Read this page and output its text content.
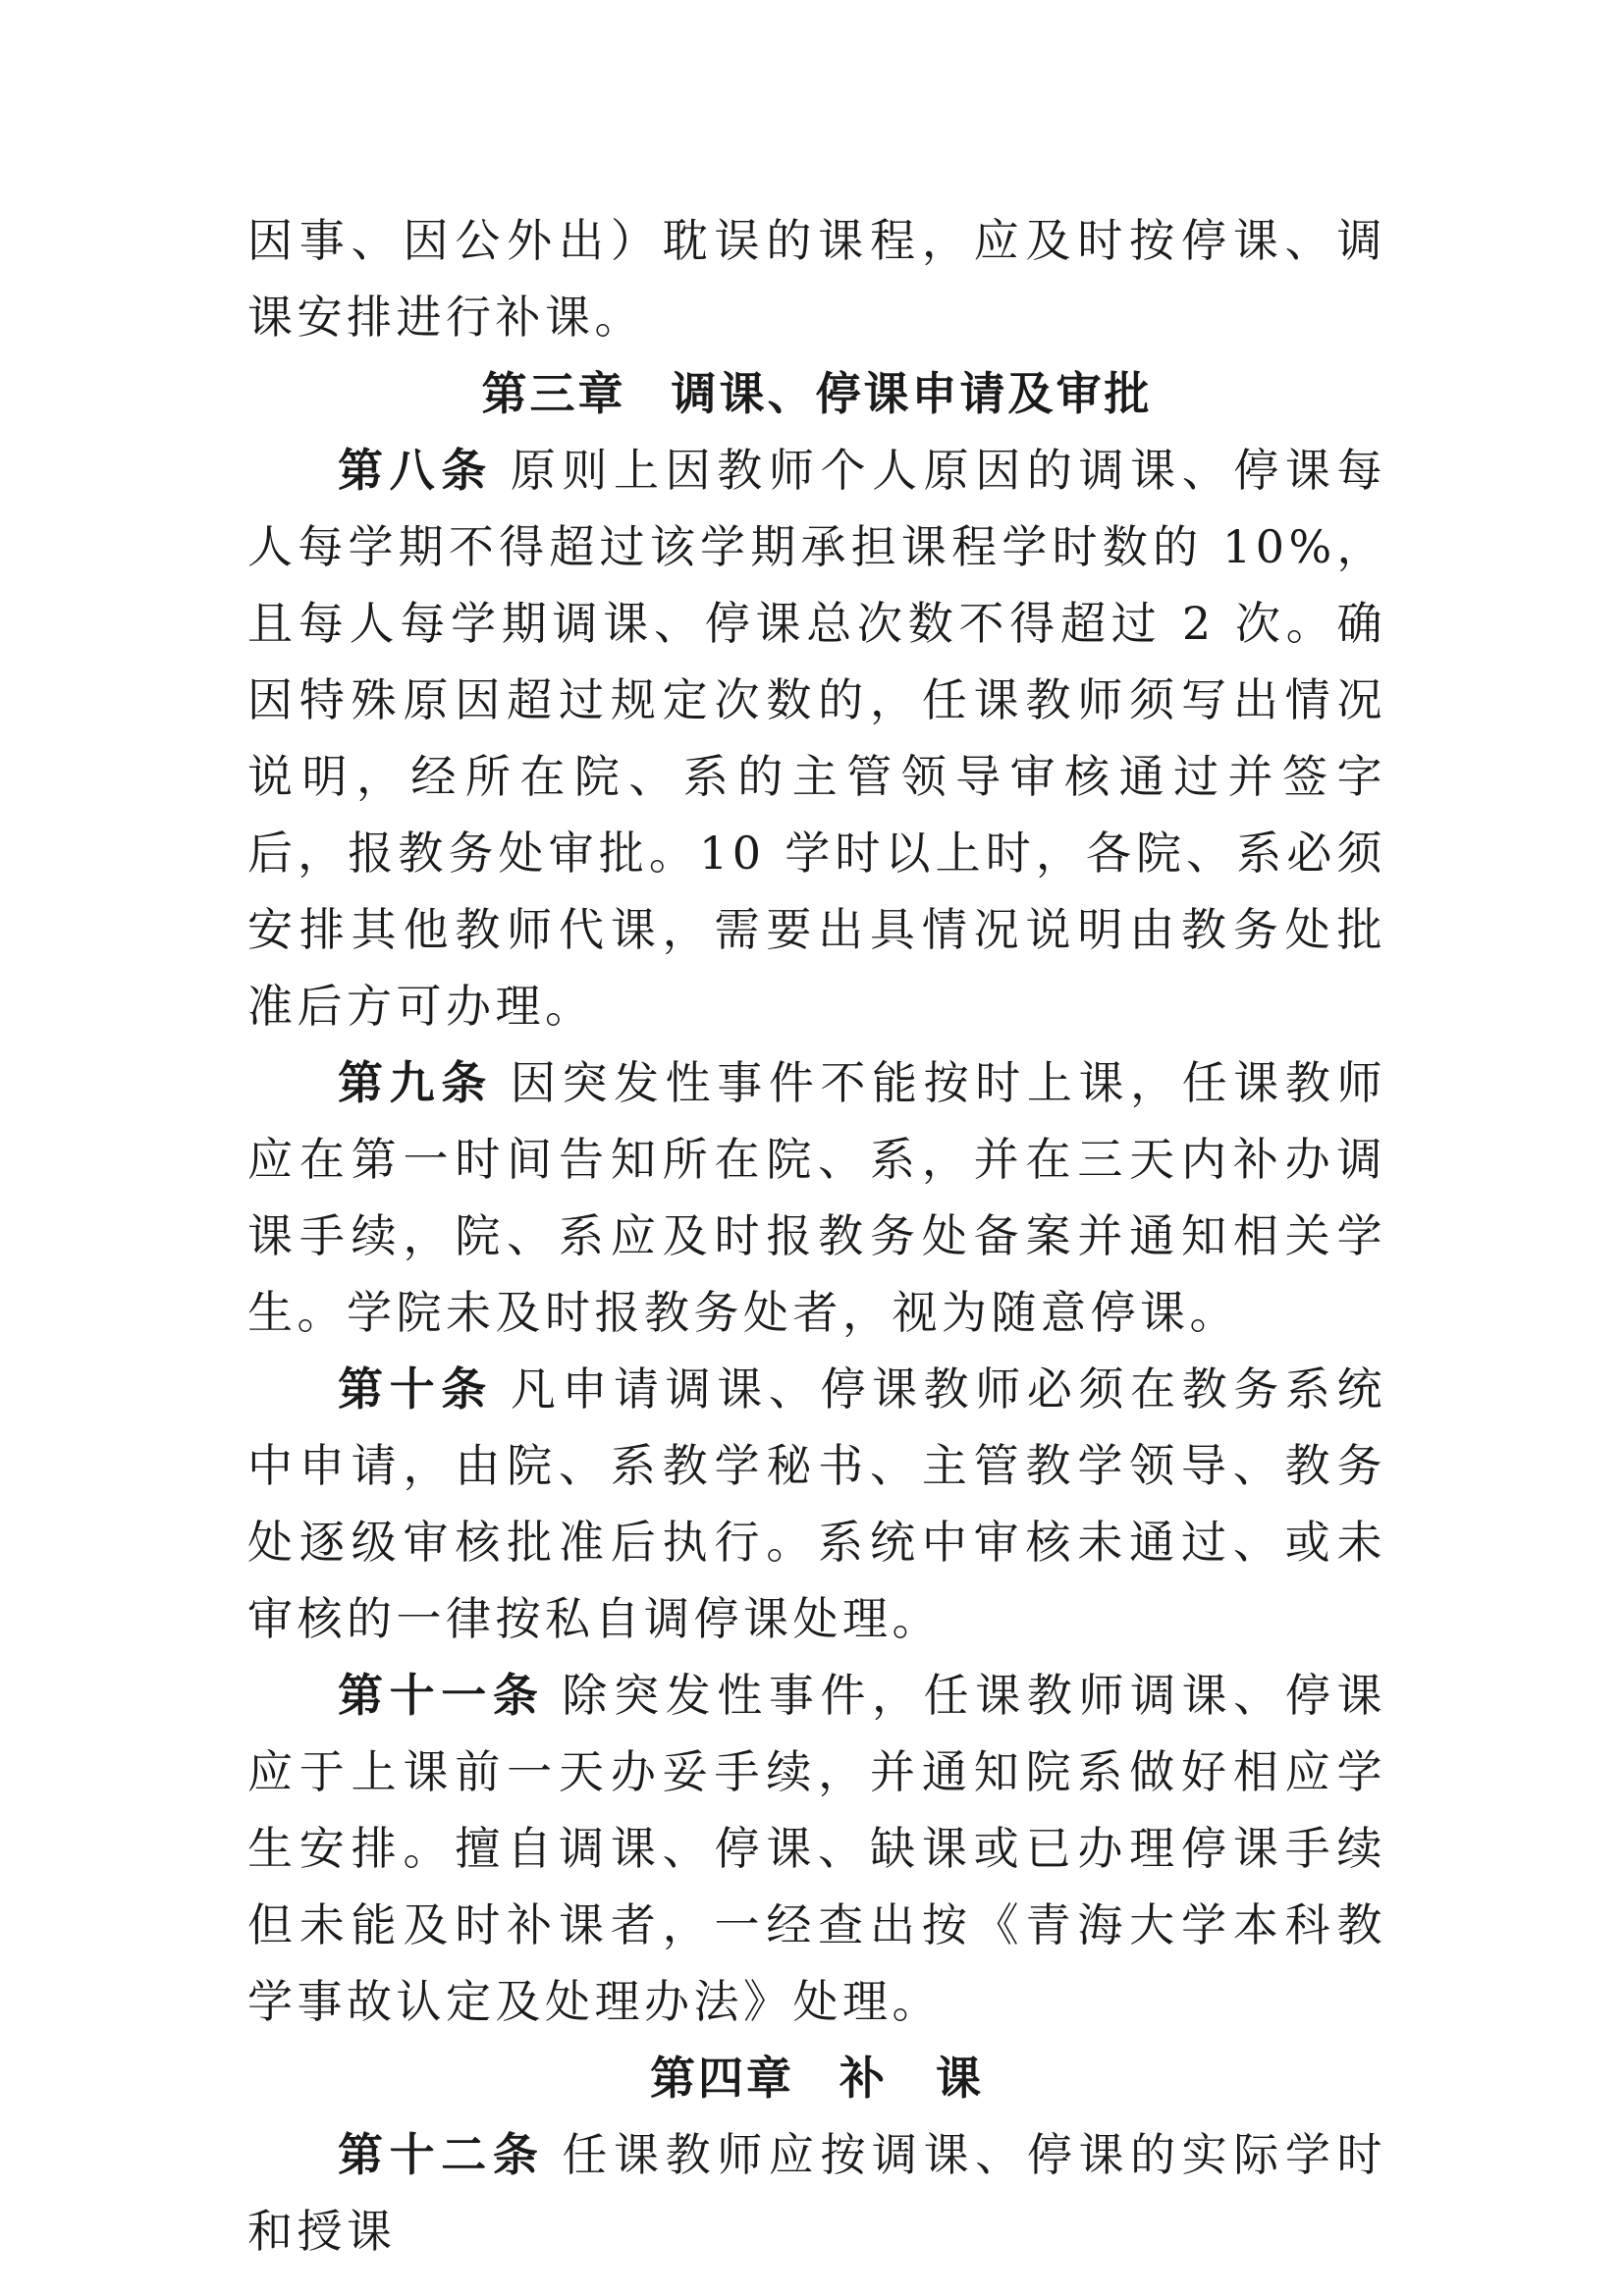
因事、因公外出）耽误的课程，应及时按停课、调课安排进行补课。

第三章 调课、停课申请及审批

第八条 原则上因教师个人原因的调课、停课每人每学期不得超过该学期承担课程学时数的 10%，且每人每学期调课、停课总次数不得超过 2 次。确因特殊原因超过规定次数的，任课教师须写出情况说明，经所在院、系的主管领导审核通过并签字后，报教务处审批。10 学时以上时，各院、系必须安排其他教师代课，需要出具情况说明由教务处批准后方可办理。

第九条 因突发性事件不能按时上课，任课教师应在第一时间告知所在院、系，并在三天内补办调课手续，院、系应及时报教务处备案并通知相关学生。学院未及时报教务处者，视为随意停课。

第十条 凡申请调课、停课教师必须在教务系统中申请，由院、系教学秘书、主管教学领导、教务处逐级审核批准后执行。系统中审核未通过、或未审核的一律按私自调停课处理。

第十一条 除突发性事件，任课教师调课、停课应于上课前一天办妥手续，并通知院系做好相应学生安排。擅自调课、停课、缺课或已办理停课手续但未能及时补课者，一经查出按《青海大学本科教学事故认定及处理办法》处理。

第四章 补　课

第十二条 任课教师应按调课、停课的实际学时和授课
